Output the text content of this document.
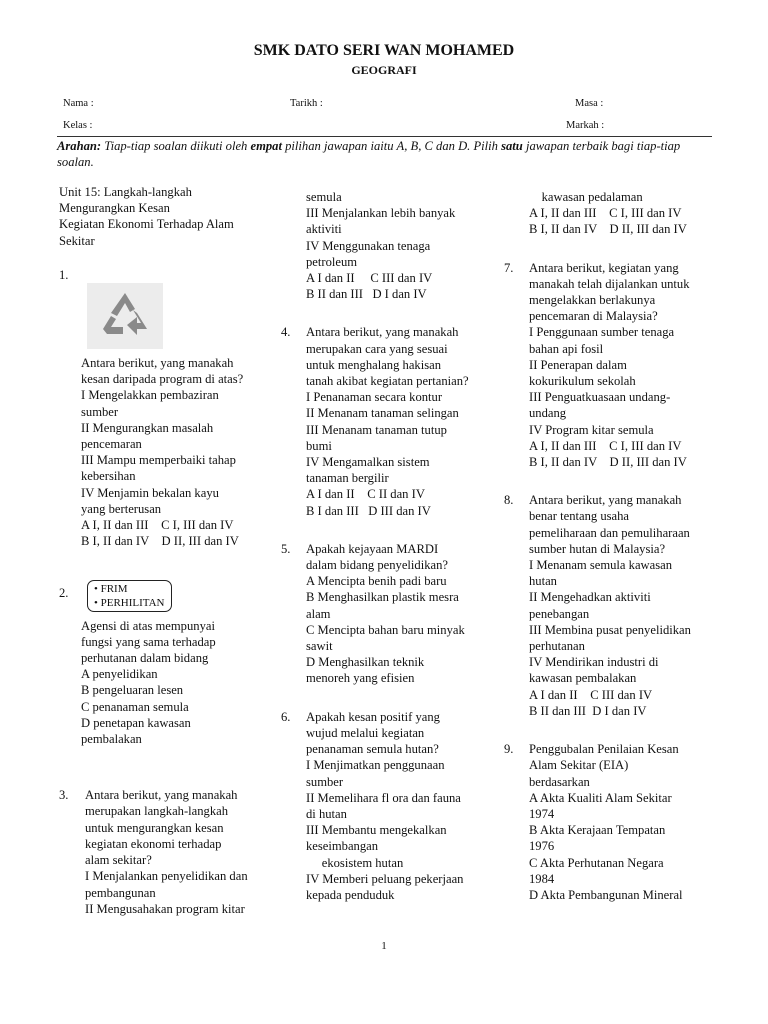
SMK DATO SERI WAN MOHAMED
GEOGRAFI
Nama :	Tarikh :	Masa :
Kelas :	Markah :
Arahan: Tiap-tiap soalan diikuti oleh empat pilihan jawapan iaitu A, B, C dan D. Pilih satu jawapan terbaik bagi tiap-tiap soalan.

Unit 15: Langkah-langkah

Mengurangkan Kesan

Kegiatan Ekonomi Terhadap Alam

Sekitar

1.

Antara berikut, yang manakah

kesan daripada program di atas?

I Mengelakkan pembaziran

sumber

II Mengurangkan masalah

pencemaran

III Mampu memperbaiki tahap

kebersihan

IV Menjamin bekalan kayu

yang berterusan

A I, II dan III    C I, III dan IV

B I, II dan IV    D II, III dan IV

2.	• FRIM
• PERHILITAN

Agensi di atas mempunyai

fungsi yang sama terhadap

perhutanan dalam bidang

A penyelidikan

B pengeluaran lesen

C penanaman semula

D penetapan kawasan

pembalakan

3. Antara berikut, yang manakah

merupakan langkah-langkah

untuk mengurangkan kesan

kegiatan ekonomi terhadap

alam sekitar?

I Menjalankan penyelidikan dan

pembangunan

II Mengusahakan program kitar

semula

III Menjalankan lebih banyak

aktiviti

IV Menggunakan tenaga

petroleum

A I dan II     C III dan IV

B II dan III   D I dan IV

4. Antara berikut, yang manakah

merupakan cara yang sesuai

untuk menghalang hakisan

tanah akibat kegiatan pertanian?

I Penanaman secara kontur

II Menanam tanaman selingan

III Menanam tanaman tutup

bumi

IV Mengamalkan sistem

tanaman bergilir

A I dan II    C II dan IV

B I dan III   D III dan IV

5. Apakah kejayaan MARDI

dalam bidang penyelidikan?

A Mencipta benih padi baru

B Menghasilkan plastik mesra

alam

C Mencipta bahan baru minyak

sawit

D Menghasilkan teknik

menoreh yang efisien

6. Apakah kesan positif yang

wujud melalui kegiatan

penanaman semula hutan?

I Menjimatkan penggunaan

sumber

II Memelihara fl ora dan fauna

di hutan

III Membantu mengekalkan

keseimbangan

ekosistem hutan

IV Memberi peluang pekerjaan

kepada penduduk

kawasan pedalaman

A I, II dan III    C I, III dan IV

B I, II dan IV    D II, III dan IV

7. Antara berikut, kegiatan yang

manakah telah dijalankan untuk

mengelakkan berlakunya

pencemaran di Malaysia?

I Penggunaan sumber tenaga

bahan api fosil

II Penerapan dalam

kokurikulum sekolah

III Penguatkuasaan undang-

undang

IV Program kitar semula

A I, II dan III    C I, III dan IV

B I, II dan IV    D II, III dan IV

8. Antara berikut, yang manakah

benar tentang usaha

pemeliharaan dan pemuliharaan

sumber hutan di Malaysia?

I Menanam semula kawasan

hutan

II Mengehadkan aktiviti

penebangan

III Membina pusat penyelidikan

perhutanan

IV Mendirikan industri di

kawasan pembalakan

A I dan II    C III dan IV

B II dan III  D I dan IV

9. Penggubalan Penilaian Kesan

Alam Sekitar (EIA)

berdasarkan

A Akta Kualiti Alam Sekitar

1974

B Akta Kerajaan Tempatan

1976

C Akta Perhutanan Negara

1984

D Akta Pembangunan Mineral

1
